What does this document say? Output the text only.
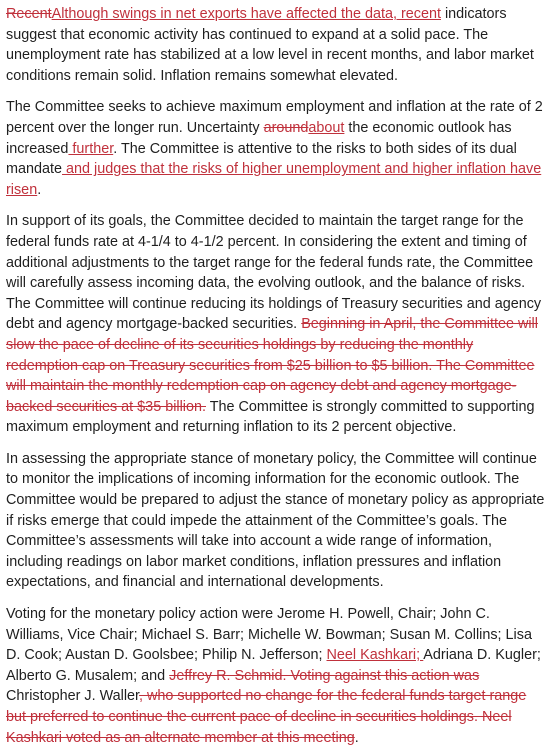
RecentAlthough swings in net exports have affected the data, recent indicators suggest that economic activity has continued to expand at a solid pace. The unemployment rate has stabilized at a low level in recent months, and labor market conditions remain solid. Inflation remains somewhat elevated.

The Committee seeks to achieve maximum employment and inflation at the rate of 2 percent over the longer run. Uncertainty aroundabout the economic outlook has increased further. The Committee is attentive to the risks to both sides of its dual mandate and judges that the risks of higher unemployment and higher inflation have risen.

In support of its goals, the Committee decided to maintain the target range for the federal funds rate at 4-1/4 to 4-1/2 percent. In considering the extent and timing of additional adjustments to the target range for the federal funds rate, the Committee will carefully assess incoming data, the evolving outlook, and the balance of risks. The Committee will continue reducing its holdings of Treasury securities and agency debt and agency mortgage-backed securities. Beginning in April, the Committee will slow the pace of decline of its securities holdings by reducing the monthly redemption cap on Treasury securities from $25 billion to $5 billion. The Committee will maintain the monthly redemption cap on agency debt and agency mortgage-backed securities at $35 billion. The Committee is strongly committed to supporting maximum employment and returning inflation to its 2 percent objective.

In assessing the appropriate stance of monetary policy, the Committee will continue to monitor the implications of incoming information for the economic outlook. The Committee would be prepared to adjust the stance of monetary policy as appropriate if risks emerge that could impede the attainment of the Committee’s goals. The Committee’s assessments will take into account a wide range of information, including readings on labor market conditions, inflation pressures and inflation expectations, and financial and international developments.

Voting for the monetary policy action were Jerome H. Powell, Chair; John C. Williams, Vice Chair; Michael S. Barr; Michelle W. Bowman; Susan M. Collins; Lisa D. Cook; Austan D. Goolsbee; Philip N. Jefferson; Neel Kashkari; Adriana D. Kugler; Alberto G. Musalem; and Jeffrey R. Schmid. Voting against this action was Christopher J. Waller, who supported no change for the federal funds target range but preferred to continue the current pace of decline in securities holdings. Neel Kashkari voted as an alternate member at this meeting.
